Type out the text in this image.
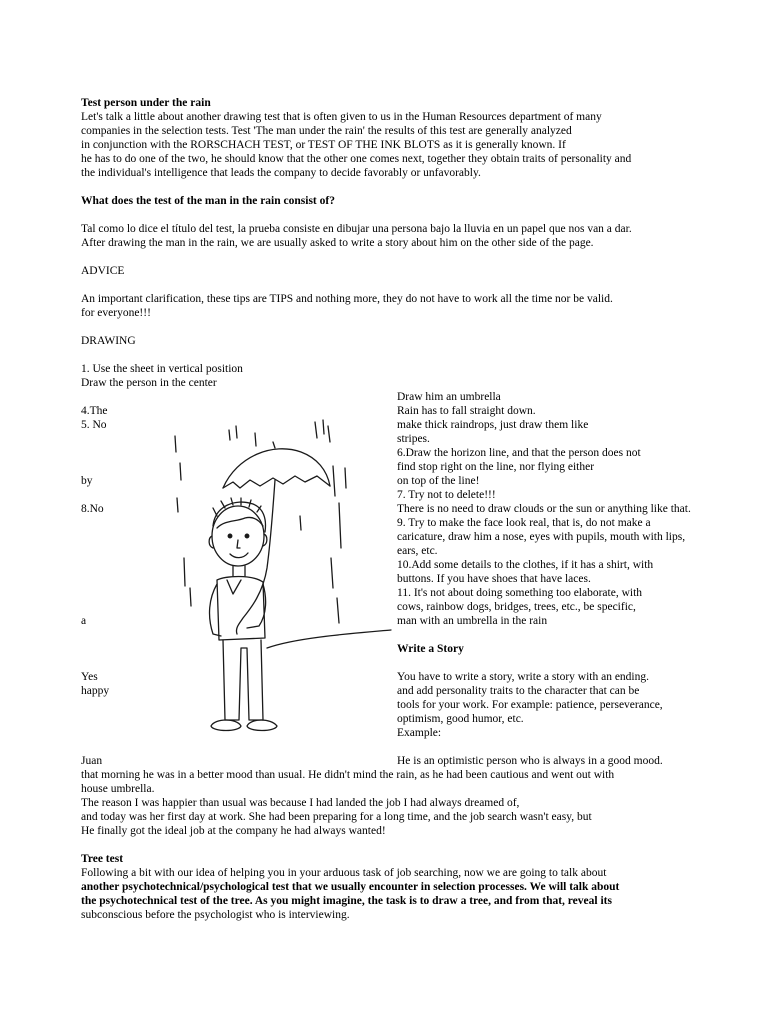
Test person under the rain
Let's talk a little about another drawing test that is often given to us in the Human Resources department of many
companies in the selection tests. Test 'The man under the rain' the results of this test are generally analyzed
in conjunction with the RORSCHACH TEST, or TEST OF THE INK BLOTS as it is generally known. If
he has to do one of the two, he should know that the other one comes next, together they obtain traits of personality and
the individual's intelligence that leads the company to decide favorably or unfavorably.
What does the test of the man in the rain consist of?
Tal como lo dice el título del test, la prueba consiste en dibujar una persona bajo la lluvia en un papel que nos van a dar.
After drawing the man in the rain, we are usually asked to write a story about him on the other side of the page.
ADVICE
An important clarification, these tips are TIPS and nothing more, they do not have to work all the time nor be valid.
for everyone!!!
DRAWING
1. Use the sheet in vertical position
Draw the person in the center
4.The
5. No
by
8.No
a
Yes
happy
Juan
Draw him an umbrella
Rain has to fall straight down.
make thick raindrops, just draw them like
stripes.
6.Draw the horizon line, and that the person does not
find stop right on the line, nor flying either
on top of the line!
7. Try not to delete!!!
There is no need to draw clouds or the sun or anything like that.
9. Try to make the face look real, that is, do not make a
caricature, draw him a nose, eyes with pupils, mouth with lips,
ears, etc.
10.Add some details to the clothes, if it has a shirt, with
buttons. If you have shoes that have laces.
11. It's not about doing something too elaborate, with
cows, rainbow dogs, bridges, trees, etc., be specific,
man with an umbrella in the rain
Write a Story
You have to write a story, write a story with an ending.
and add personality traits to the character that can be
tools for your work. For example: patience, perseverance,
optimism, good humor, etc.
Example:
He is an optimistic person who is always in a good mood.
that morning he was in a better mood than usual. He didn't mind the rain, as he had been cautious and went out with
house umbrella.
The reason I was happier than usual was because I had landed the job I had always dreamed of,
and today was her first day at work. She had been preparing for a long time, and the job search wasn't easy, but
He finally got the ideal job at the company he had always wanted!
Tree test
Following a bit with our idea of helping you in your arduous task of job searching, now we are going to talk about
another psychotechnical/psychological test that we usually encounter in selection processes. We will talk about
the psychotechnical test of the tree. As you might imagine, the task is to draw a tree, and from that, reveal its
subconscious before the psychologist who is interviewing.
